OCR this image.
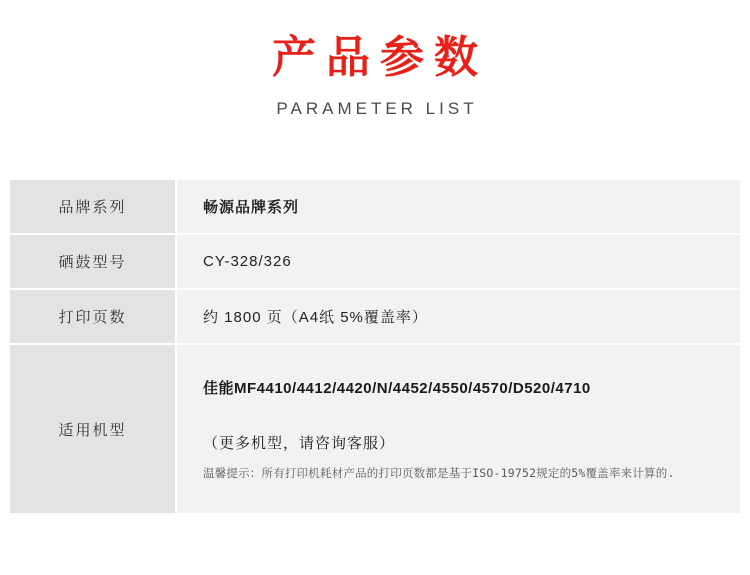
产品参数
PARAMETER LIST
品牌系列	畅源品牌系列
硒鼓型号	CY-328/326
打印页数	约 1800 页（A4纸 5%覆盖率）
适用机型	佳能MF4410/4412/4420/N/4452/4550/4570/D520/4710
（更多机型，请咨询客服）
温馨提示：所有打印机耗材产品的打印页数都是基于ISO-19752规定的5%覆盖率来计算的.
